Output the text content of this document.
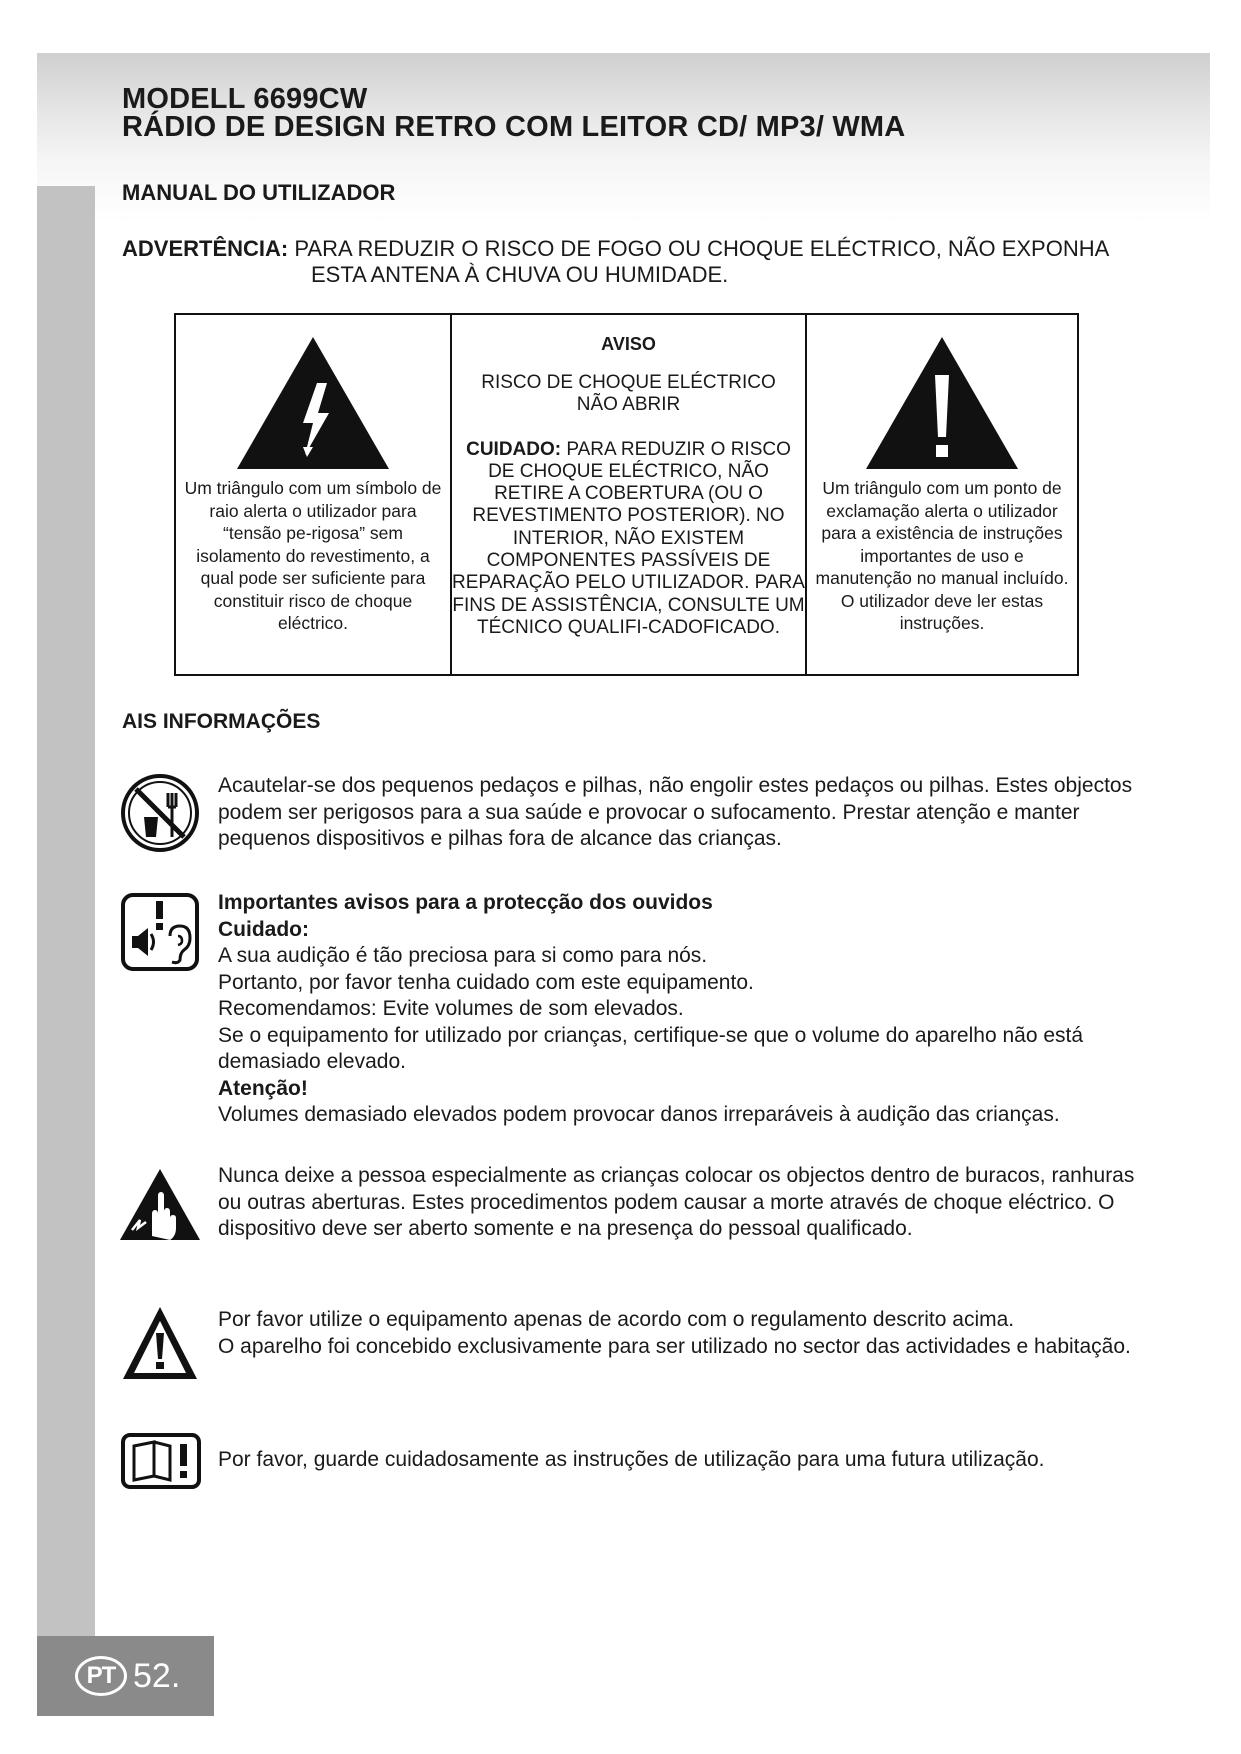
MODELL 6699CW
RÁDIO DE DESIGN RETRO COM LEITOR CD/ MP3/ WMA
MANUAL DO UTILIZADOR
ADVERTÊNCIA: PARA REDUZIR O RISCO DE FOGO OU CHOQUE ELÉCTRICO, NÃO EXPONHA
ESTA ANTENA À CHUVA OU HUMIDADE.
Um triângulo com um símbolo de raio alerta o utilizador para “tensão pe-rigosa” sem isolamento do revestimento, a qual pode ser suficiente para constituir risco de choque eléctrico.
AVISO
RISCO DE CHOQUE ELÉCTRICO
NÃO ABRIR
CUIDADO: PARA REDUZIR O RISCO DE CHOQUE ELÉCTRICO, NÃO RETIRE A COBERTURA (OU O REVESTIMENTO POSTERIOR). NO INTERIOR, NÃO EXISTEM COMPONENTES PASSÍVEIS DE REPARAÇÃO PELO UTILIZADOR. PARA FINS DE ASSISTÊNCIA, CONSULTE UM TÉCNICO QUALIFI-CADOFICADO.
Um triângulo com um ponto de exclamação alerta o utilizador para a existência de instruções importantes de uso e manutenção no manual incluído. O utilizador deve ler estas instruções.
AIS INFORMAÇÕES
Acautelar-se dos pequenos pedaços e pilhas, não engolir estes pedaços ou pilhas. Estes objectos podem ser perigosos para a sua saúde e provocar o sufocamento. Prestar atenção e manter pequenos dispositivos e pilhas fora de alcance das crianças.
Importantes avisos para a protecção dos ouvidos
Cuidado:
A sua audição é tão preciosa para si como para nós.
Portanto, por favor tenha cuidado com este equipamento.
Recomendamos: Evite volumes de som elevados.
Se o equipamento for utilizado por crianças, certifique-se que o volume do aparelho não está demasiado elevado.
Atenção!
Volumes demasiado elevados podem provocar danos irreparáveis à audição das crianças.
Nunca deixe a pessoa especialmente as crianças colocar os objectos dentro de buracos, ranhuras ou outras aberturas. Estes procedimentos podem causar a morte através de choque eléctrico. O dispositivo deve ser aberto somente e na presença do pessoal qualificado.
Por favor utilize o equipamento apenas de acordo com o regulamento descrito acima.
O aparelho foi concebido exclusivamente para ser utilizado no sector das actividades e habitação.
Por favor, guarde cuidadosamente as instruções de utilização para uma futura utilização.
PT 52.
